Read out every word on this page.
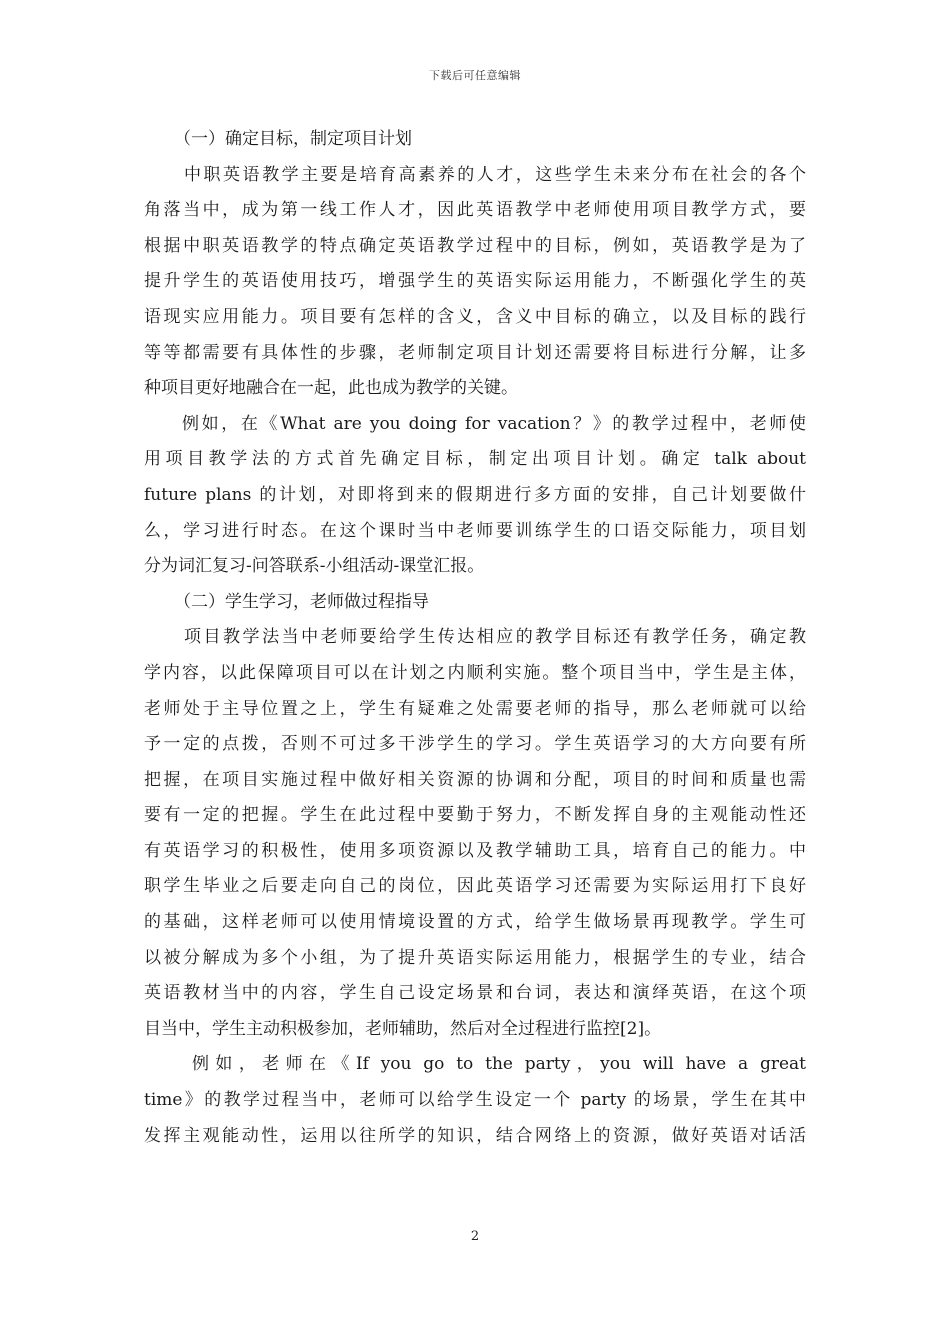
下载后可任意编辑
（一）确定目标，制定项目计划
中职英语教学主要是培育高素养的人才，这些学生未来分布在社会的各个
角落当中，成为第一线工作人才，因此英语教学中老师使用项目教学方式，要
根据中职英语教学的特点确定英语教学过程中的目标，例如，英语教学是为了
提升学生的英语使用技巧，增强学生的英语实际运用能力，不断强化学生的英
语现实应用能力。项目要有怎样的含义，含义中目标的确立，以及目标的践行
等等都需要有具体性的步骤，老师制定项目计划还需要将目标进行分解，让多
种项目更好地融合在一起，此也成为教学的关键。
例如，在《What are you doing for vacation？》的教学过程中，老师使
用项目教学法的方式首先确定目标，制定出项目计划。确定 talk about
future plans 的计划，对即将到来的假期进行多方面的安排，自己计划要做什
么，学习进行时态。在这个课时当中老师要训练学生的口语交际能力，项目划
分为词汇复习-问答联系-小组活动-课堂汇报。
（二）学生学习，老师做过程指导
项目教学法当中老师要给学生传达相应的教学目标还有教学任务，确定教
学内容，以此保障项目可以在计划之内顺利实施。整个项目当中，学生是主体，
老师处于主导位置之上，学生有疑难之处需要老师的指导，那么老师就可以给
予一定的点拨，否则不可过多干涉学生的学习。学生英语学习的大方向要有所
把握，在项目实施过程中做好相关资源的协调和分配，项目的时间和质量也需
要有一定的把握。学生在此过程中要勤于努力，不断发挥自身的主观能动性还
有英语学习的积极性，使用多项资源以及教学辅助工具，培育自己的能力。中
职学生毕业之后要走向自己的岗位，因此英语学习还需要为实际运用打下良好
的基础，这样老师可以使用情境设置的方式，给学生做场景再现教学。学生可
以被分解成为多个小组，为了提升英语实际运用能力，根据学生的专业，结合
英语教材当中的内容，学生自己设定场景和台词，表达和演绎英语，在这个项
目当中，学生主动积极参加，老师辅助，然后对全过程进行监控[2]。
例如，老师在《If you go to the party，you will have a great
time》的教学过程当中，老师可以给学生设定一个 party 的场景，学生在其中
发挥主观能动性，运用以往所学的知识，结合网络上的资源，做好英语对话活
2
